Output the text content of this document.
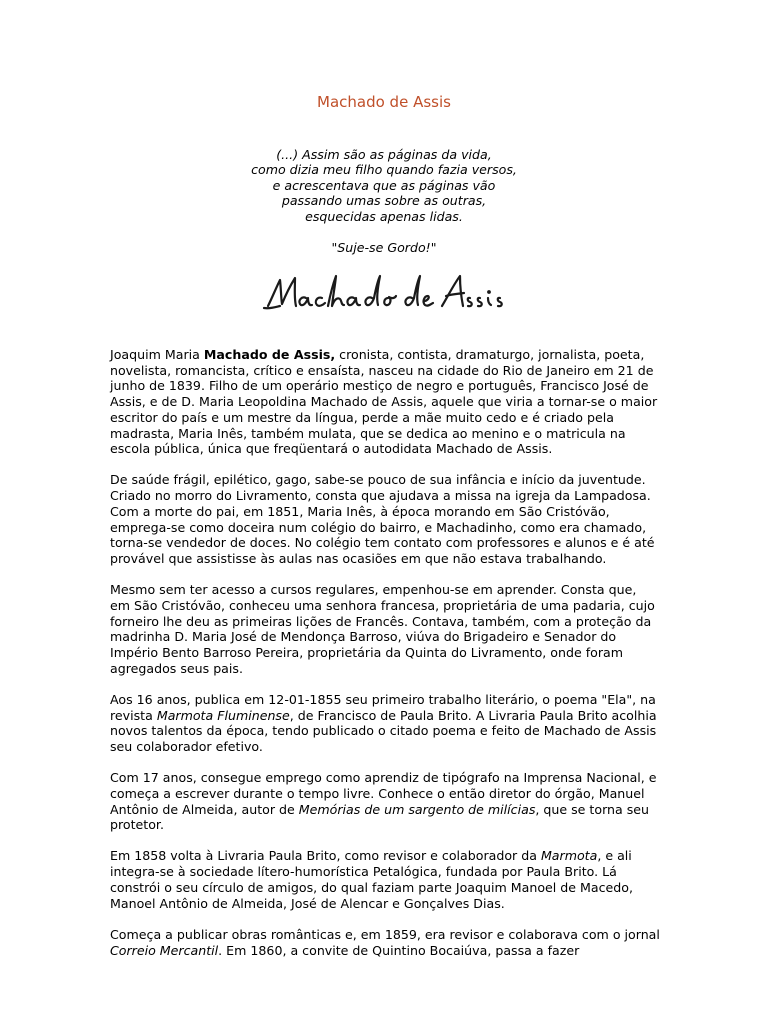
Machado de Assis
(...) Assim são as páginas da vida,
como dizia meu filho quando fazia versos,
e acrescentava que as páginas vão
passando umas sobre as outras,
esquecidas apenas lidas.
"Suje-se Gordo!"

Joaquim Maria Machado de Assis, cronista, contista, dramaturgo, jornalista, poeta, novelista, romancista, crítico e ensaísta, nasceu na cidade do Rio de Janeiro em 21 de junho de 1839. Filho de um operário mestiço de negro e português, Francisco José de Assis, e de D. Maria Leopoldina Machado de Assis, aquele que viria a tornar-se o maior escritor do país e um mestre da língua, perde a mãe muito cedo e é criado pela madrasta, Maria Inês, também mulata, que se dedica ao menino e o matricula na escola pública, única que freqüentará o autodidata Machado de Assis.

De saúde frágil, epilético, gago, sabe-se pouco de sua infância e início da juventude. Criado no morro do Livramento, consta que ajudava a missa na igreja da Lampadosa. Com a morte do pai, em 1851, Maria Inês, à época morando em São Cristóvão, emprega-se como doceira num colégio do bairro, e Machadinho, como era chamado, torna-se vendedor de doces. No colégio tem contato com professores e alunos e é até provável que assistisse às aulas nas ocasiões em que não estava trabalhando.

Mesmo sem ter acesso a cursos regulares, empenhou-se em aprender. Consta que, em São Cristóvão, conheceu uma senhora francesa, proprietária de uma padaria, cujo forneiro lhe deu as primeiras lições de Francês. Contava, também, com a proteção da madrinha D. Maria José de Mendonça Barroso, viúva do Brigadeiro e Senador do Império Bento Barroso Pereira, proprietária da Quinta do Livramento, onde foram agregados seus pais.

Aos 16 anos, publica em 12-01-1855 seu primeiro trabalho literário, o poema "Ela", na revista Marmota Fluminense, de Francisco de Paula Brito. A Livraria Paula Brito acolhia novos talentos da época, tendo publicado o citado poema e feito de Machado de Assis seu colaborador efetivo.

Com 17 anos, consegue emprego como aprendiz de tipógrafo na Imprensa Nacional, e começa a escrever durante o tempo livre. Conhece o então diretor do órgão, Manuel Antônio de Almeida, autor de Memórias de um sargento de milícias, que se torna seu protetor.

Em 1858 volta à Livraria Paula Brito, como revisor e colaborador da Marmota, e ali integra-se à sociedade lítero-humorística Petalógica, fundada por Paula Brito. Lá constrói o seu círculo de amigos, do qual faziam parte Joaquim Manoel de Macedo, Manoel Antônio de Almeida, José de Alencar e Gonçalves Dias.

Começa a publicar obras românticas e, em 1859, era revisor e colaborava com o jornal Correio Mercantil. Em 1860, a convite de Quintino Bocaiúva, passa a fazer
